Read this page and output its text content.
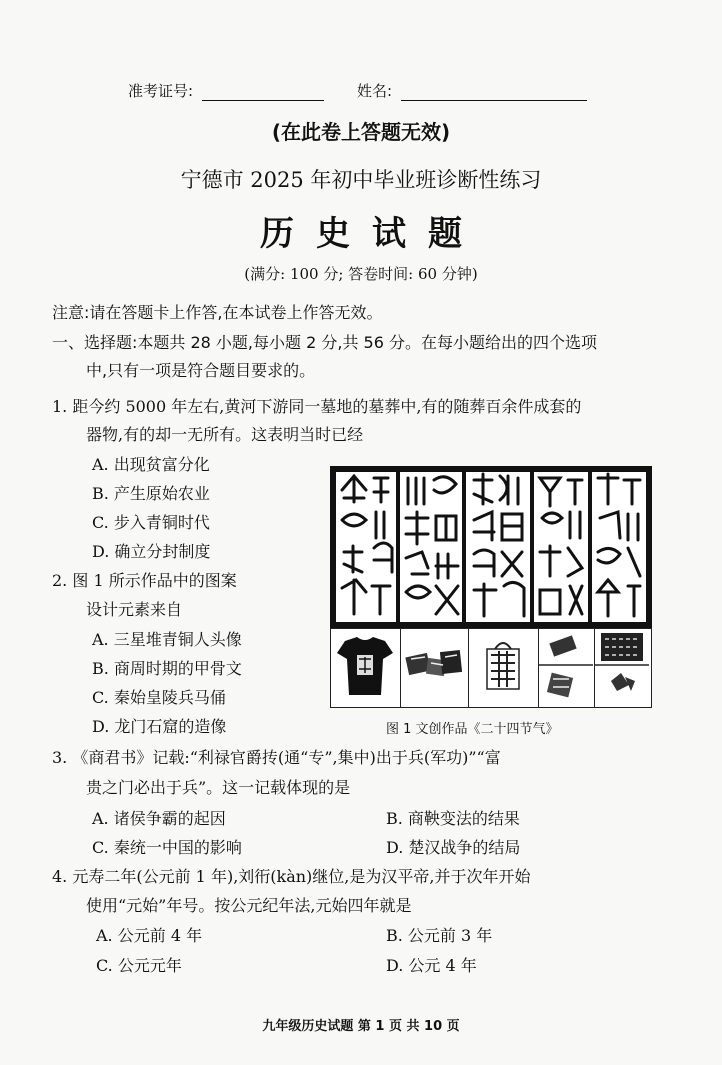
准考证号:	姓名:
(在此卷上答题无效)
宁德市 2025 年初中毕业班诊断性练习
历史试题
(满分: 100 分; 答卷时间: 60 分钟)
注意:请在答题卡上作答,在本试卷上作答无效。
一、选择题:本题共 28 小题,每小题 2 分,共 56 分。在每小题给出的四个选项
中,只有一项是符合题目要求的。
1. 距今约 5000 年左右,黄河下游同一墓地的墓葬中,有的随葬百余件成套的
器物,有的却一无所有。这表明当时已经
A. 出现贫富分化
B. 产生原始农业
C. 步入青铜时代
D. 确立分封制度
2. 图 1 所示作品中的图案
设计元素来自
A. 三星堆青铜人头像
B. 商周时期的甲骨文
C. 秦始皇陵兵马俑
D. 龙门石窟的造像	图 1 文创作品《二十四节气》
3. 《商君书》记载:“利禄官爵抟(通“专”,集中)出于兵(军功)”“富
贵之门必出于兵”。这一记载体现的是
A. 诸侯争霸的起因	B. 商鞅变法的结果
C. 秦统一中国的影响	D. 楚汉战争的结局
4. 元寿二年(公元前 1 年),刘衎(kàn)继位,是为汉平帝,并于次年开始
使用“元始”年号。按公元纪年法,元始四年就是
A. 公元前 4 年	B. 公元前 3 年
C. 公元元年	D. 公元 4 年
九年级历史试题 第 1 页 共 10 页
